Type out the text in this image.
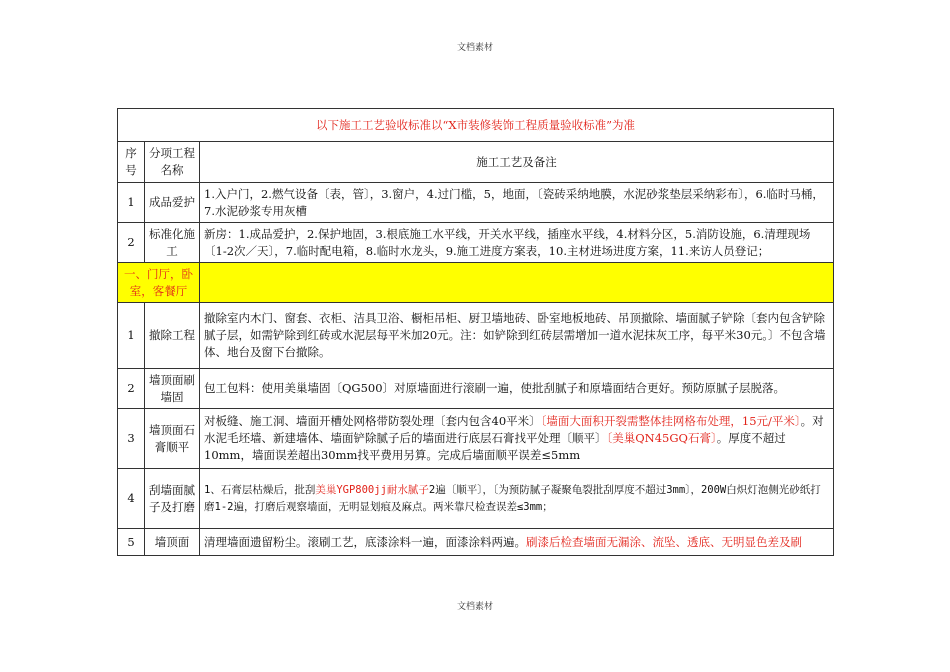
文档素材
以下施工工艺验收标准以“X市装修装饰工程质量验收标准”为准		
序号	分项工程名称	施工工艺及备注
1	成品爱护	1.入户门，2.燃气设备〔表，管〕，3.窗户，4.过门槛，5，地面，〔瓷砖采纳地膜，水泥砂浆垫层采纳彩布〕，6.临时马桶，7.水泥砂浆专用灰槽
2	标准化施工	新房：1.成品爱护，2.保护地固，3.根底施工水平线，开关水平线，插座水平线，4.材料分区，5.消防设施，6.清理现场〔1-2次／天〕，7.临时配电箱，8.临时水龙头，9.施工进度方案表，10.主材进场进度方案，11.来访人员登记；
一、门厅，卧室，客餐厅		
1	撤除工程	撤除室内木门、窗套、衣柜、洁具卫浴、橱柜吊柜、厨卫墙地砖、卧室地板地砖、吊顶撤除、墙面腻子铲除〔套内包含铲除腻子层，如需铲除到红砖或水泥层每平米加20元。注：如铲除到红砖层需增加一道水泥抹灰工序，每平米30元。〕不包含墙体、地台及窗下台撤除。
2	墙顶面刷墙固	包工包料：使用美巢墙固〔QG500〕对原墙面进行滚刷一遍，使批刮腻子和原墙面结合更好。预防原腻子层脱落。
3	墙顶面石膏顺平	对板缝、施工洞、墙面开槽处网格带防裂处理〔套内包含40平米〕〔墙面大面积开裂需整体挂网格布处理，15元/平米〕。对水泥毛坯墙、新建墙体、墙面铲除腻子后的墙面进行底层石膏找平处理〔顺平〕〔美巢QN45GQ石膏〕。厚度不超过10mm，墙面误差超出30mm找平费用另算。完成后墙面顺平误差≤5mm
4	刮墙面腻子及打磨	1、石膏层枯燥后，批刮美巢YGP800jj耐水腻子2遍〔顺平〕，〔为预防腻子凝聚龟裂批刮厚度不超过3mm〕，200W白炽灯泡侧光砂纸打磨1-2遍，打磨后观察墙面，无明显划痕及麻点。两米靠尺检查误差≤3mm；
5	墙顶面	清理墙面遗留粉尘。滚刷工艺，底漆涂料一遍，面漆涂料两遍。刷漆后检查墙面无漏涂、流坠、透底、无明显色差及刷
文档素材
